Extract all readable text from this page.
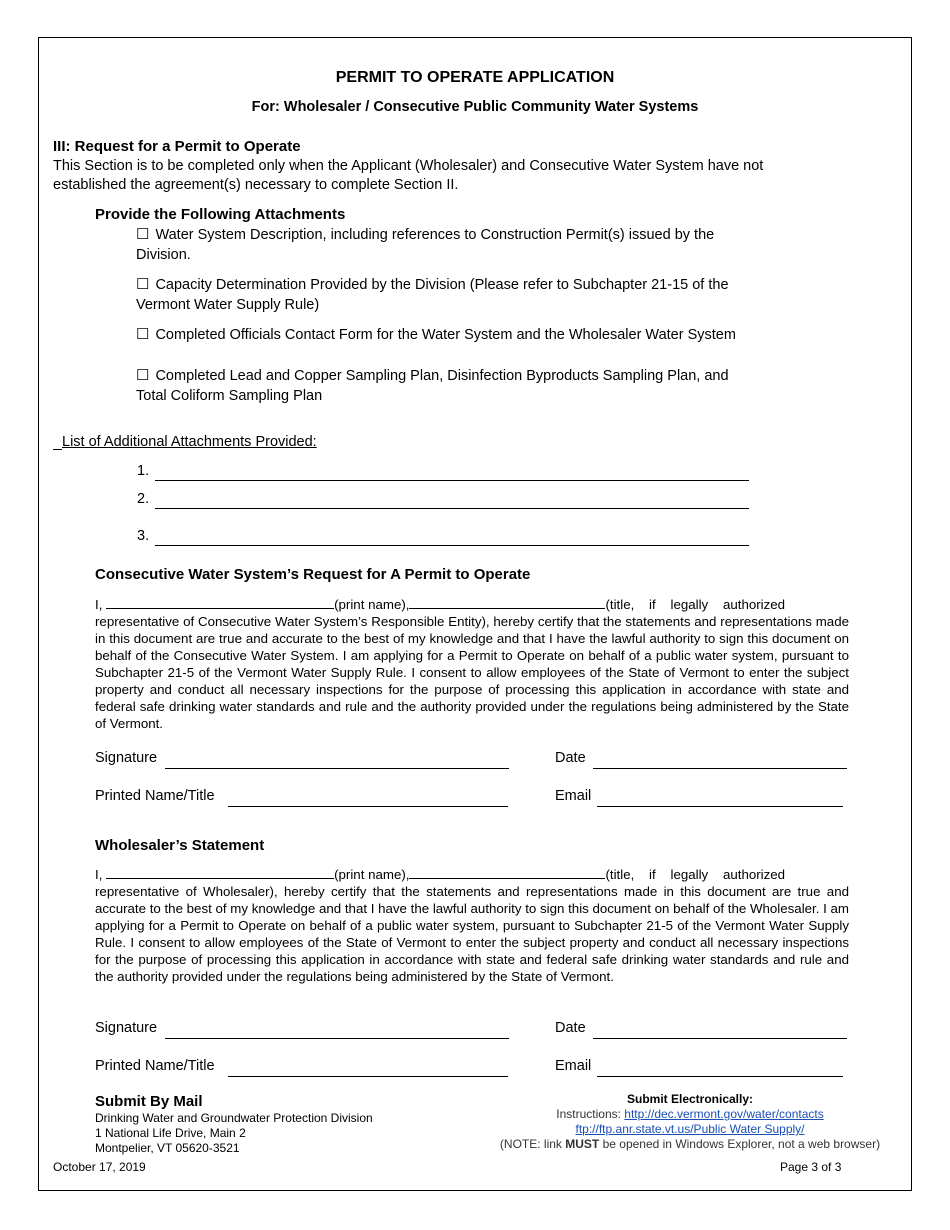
PERMIT TO OPERATE APPLICATION
For: Wholesaler / Consecutive Public Community Water Systems
III: Request for a Permit to Operate
This Section is to be completed only when the Applicant (Wholesaler) and Consecutive Water System have not established the agreement(s) necessary to complete Section II.
Provide the Following Attachments
☐ Water System Description, including references to Construction Permit(s) issued by the Division.
☐ Capacity Determination Provided by the Division (Please refer to Subchapter 21-15 of the Vermont Water Supply Rule)
☐ Completed Officials Contact Form for the Water System and the Wholesaler Water System
☐ Completed Lead and Copper Sampling Plan, Disinfection Byproducts Sampling Plan, and Total Coliform Sampling Plan
List of Additional Attachments Provided:
1.
2.
3.
Consecutive Water System’s Request for A Permit to Operate
I,	(print name),	(title,    if    legally    authorized
representative of Consecutive Water System’s Responsible Entity), hereby certify that the statements and representations made in this document are true and accurate to the best of my knowledge and that I have the lawful authority to sign this document on behalf of the Consecutive Water System. I am applying for a Permit to Operate on behalf of a public water system, pursuant to Subchapter 21-5 of the Vermont Water Supply Rule. I consent to allow employees of the State of Vermont to enter the subject property and conduct all necessary inspections for the purpose of processing this application in accordance with state and federal safe drinking water standards and rule and the authority provided under the regulations being administered by the State of Vermont.
Signature	Date
Printed Name/Title	Email
Wholesaler’s Statement
I,	(print name),	(title,    if    legally    authorized
representative of Wholesaler), hereby certify that the statements and representations made in this document are true and accurate to the best of my knowledge and that I have the lawful authority to sign this document on behalf of the Wholesaler. I am applying for a Permit to Operate on behalf of a public water system, pursuant to Subchapter 21-5 of the Vermont Water Supply Rule. I consent to allow employees of the State of Vermont to enter the subject property and conduct all necessary inspections for the purpose of processing this application in accordance with state and federal safe drinking water standards and rule and the authority provided under the regulations being administered by the State of Vermont.
Signature	Date
Printed Name/Title	Email
Submit By Mail
Drinking Water and Groundwater Protection Division
1 National Life Drive, Main 2
Montpelier, VT 05620-3521
Submit Electronically:
Instructions: http://dec.vermont.gov/water/contacts
ftp://ftp.anr.state.vt.us/Public Water Supply/
(NOTE: link MUST be opened in Windows Explorer, not a web browser)
October 17, 2019	Page 3 of 3
